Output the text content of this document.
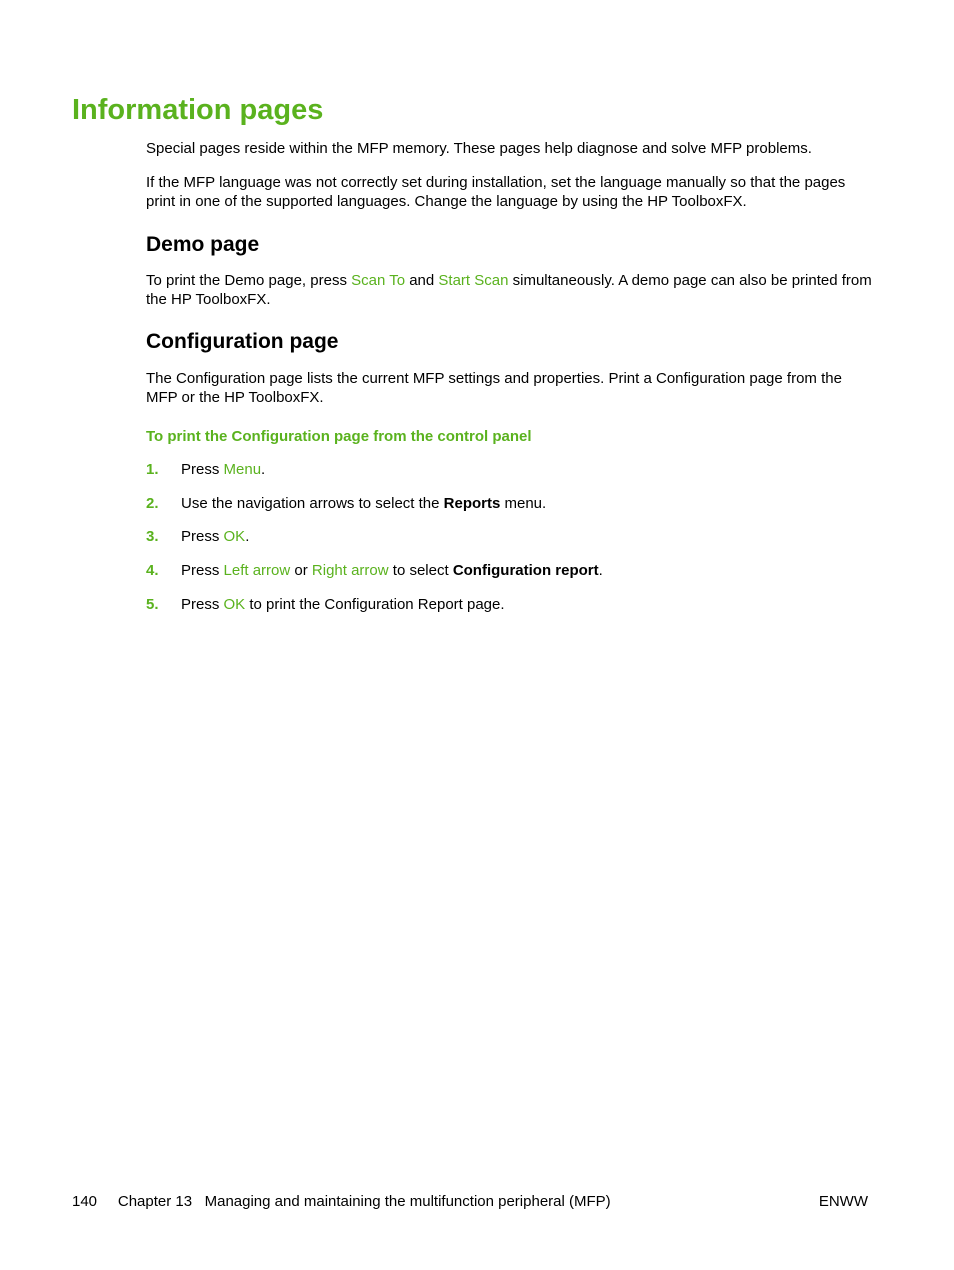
Information pages

Special pages reside within the MFP memory. These pages help diagnose and solve MFP problems.

If the MFP language was not correctly set during installation, set the language manually so that the pages print in one of the supported languages. Change the language by using the HP ToolboxFX.

Demo page

To print the Demo page, press Scan To and Start Scan simultaneously. A demo page can also be printed from the HP ToolboxFX.

Configuration page

The Configuration page lists the current MFP settings and properties. Print a Configuration page from the MFP or the HP ToolboxFX.

To print the Configuration page from the control panel

1. Press Menu.
2. Use the navigation arrows to select the Reports menu.
3. Press OK.
4. Press Left arrow or Right arrow to select Configuration report.
5. Press OK to print the Configuration Report page.
140 Chapter 13 Managing and maintaining the multifunction peripheral (MFP)	ENWW
